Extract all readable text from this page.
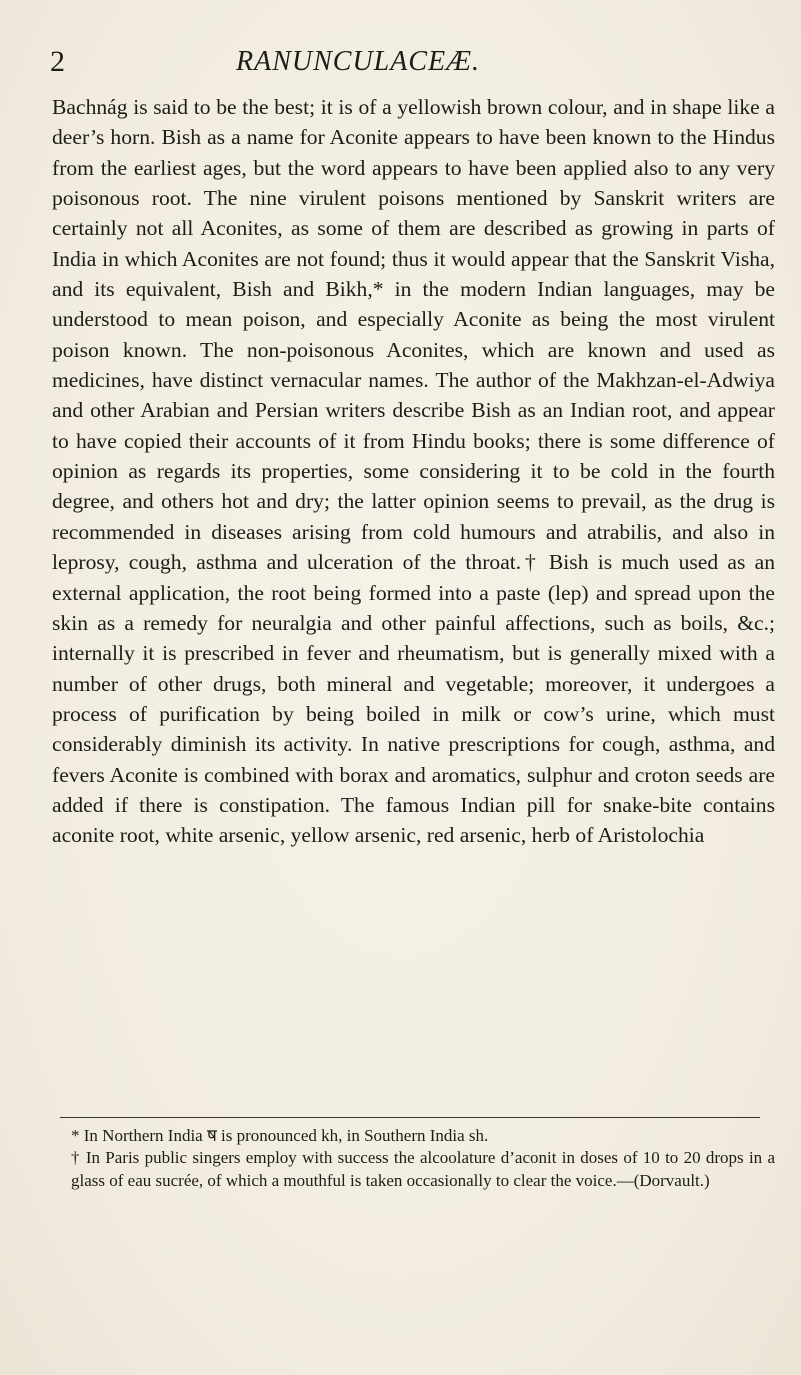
2	RANUNCULACEÆ.

Bachnág is said to be the best; it is of a yellowish brown colour, and in shape like a deer’s horn. Bish as a name for Aconite appears to have been known to the Hindus from the earliest ages, but the word appears to have been applied also to any very poisonous root. The nine virulent poisons mentioned by Sanskrit writers are certainly not all Aconites, as some of them are described as growing in parts of India in which Aconites are not found; thus it would appear that the Sanskrit Visha, and its equivalent, Bish and Bikh,* in the modern Indian languages, may be understood to mean poison, and especially Aconite as being the most virulent poison known. The non-poisonous Aconites, which are known and used as medicines, have distinct vernacular names. The author of the Makhzan-el-Adwiya and other Arabian and Persian writers describe Bish as an Indian root, and appear to have copied their accounts of it from Hindu books; there is some difference of opinion as regards its properties, some considering it to be cold in the fourth degree, and others hot and dry; the latter opinion seems to prevail, as the drug is recommended in diseases arising from cold humours and atrabilis, and also in leprosy, cough, asthma and ulceration of the throat.† Bish is much used as an external application, the root being formed into a paste (lep) and spread upon the skin as a remedy for neuralgia and other painful affections, such as boils, &c.; internally it is prescribed in fever and rheumatism, but is generally mixed with a number of other drugs, both mineral and vegetable; moreover, it undergoes a process of purification by being boiled in milk or cow’s urine, which must considerably diminish its activity. In native prescriptions for cough, asthma, and fevers Aconite is combined with borax and aromatics, sulphur and croton seeds are added if there is constipation. The famous Indian pill for snake-bite contains aconite root, white arsenic, yellow arsenic, red arsenic, herb of Aristolochia

* In Northern India ष is pronounced kh, in Southern India sh.

† In Paris public singers employ with success the alcoolature d’aconit in doses of 10 to 20 drops in a glass of eau sucrée, of which a mouthful is taken occasionally to clear the voice.—(Dorvault.)
